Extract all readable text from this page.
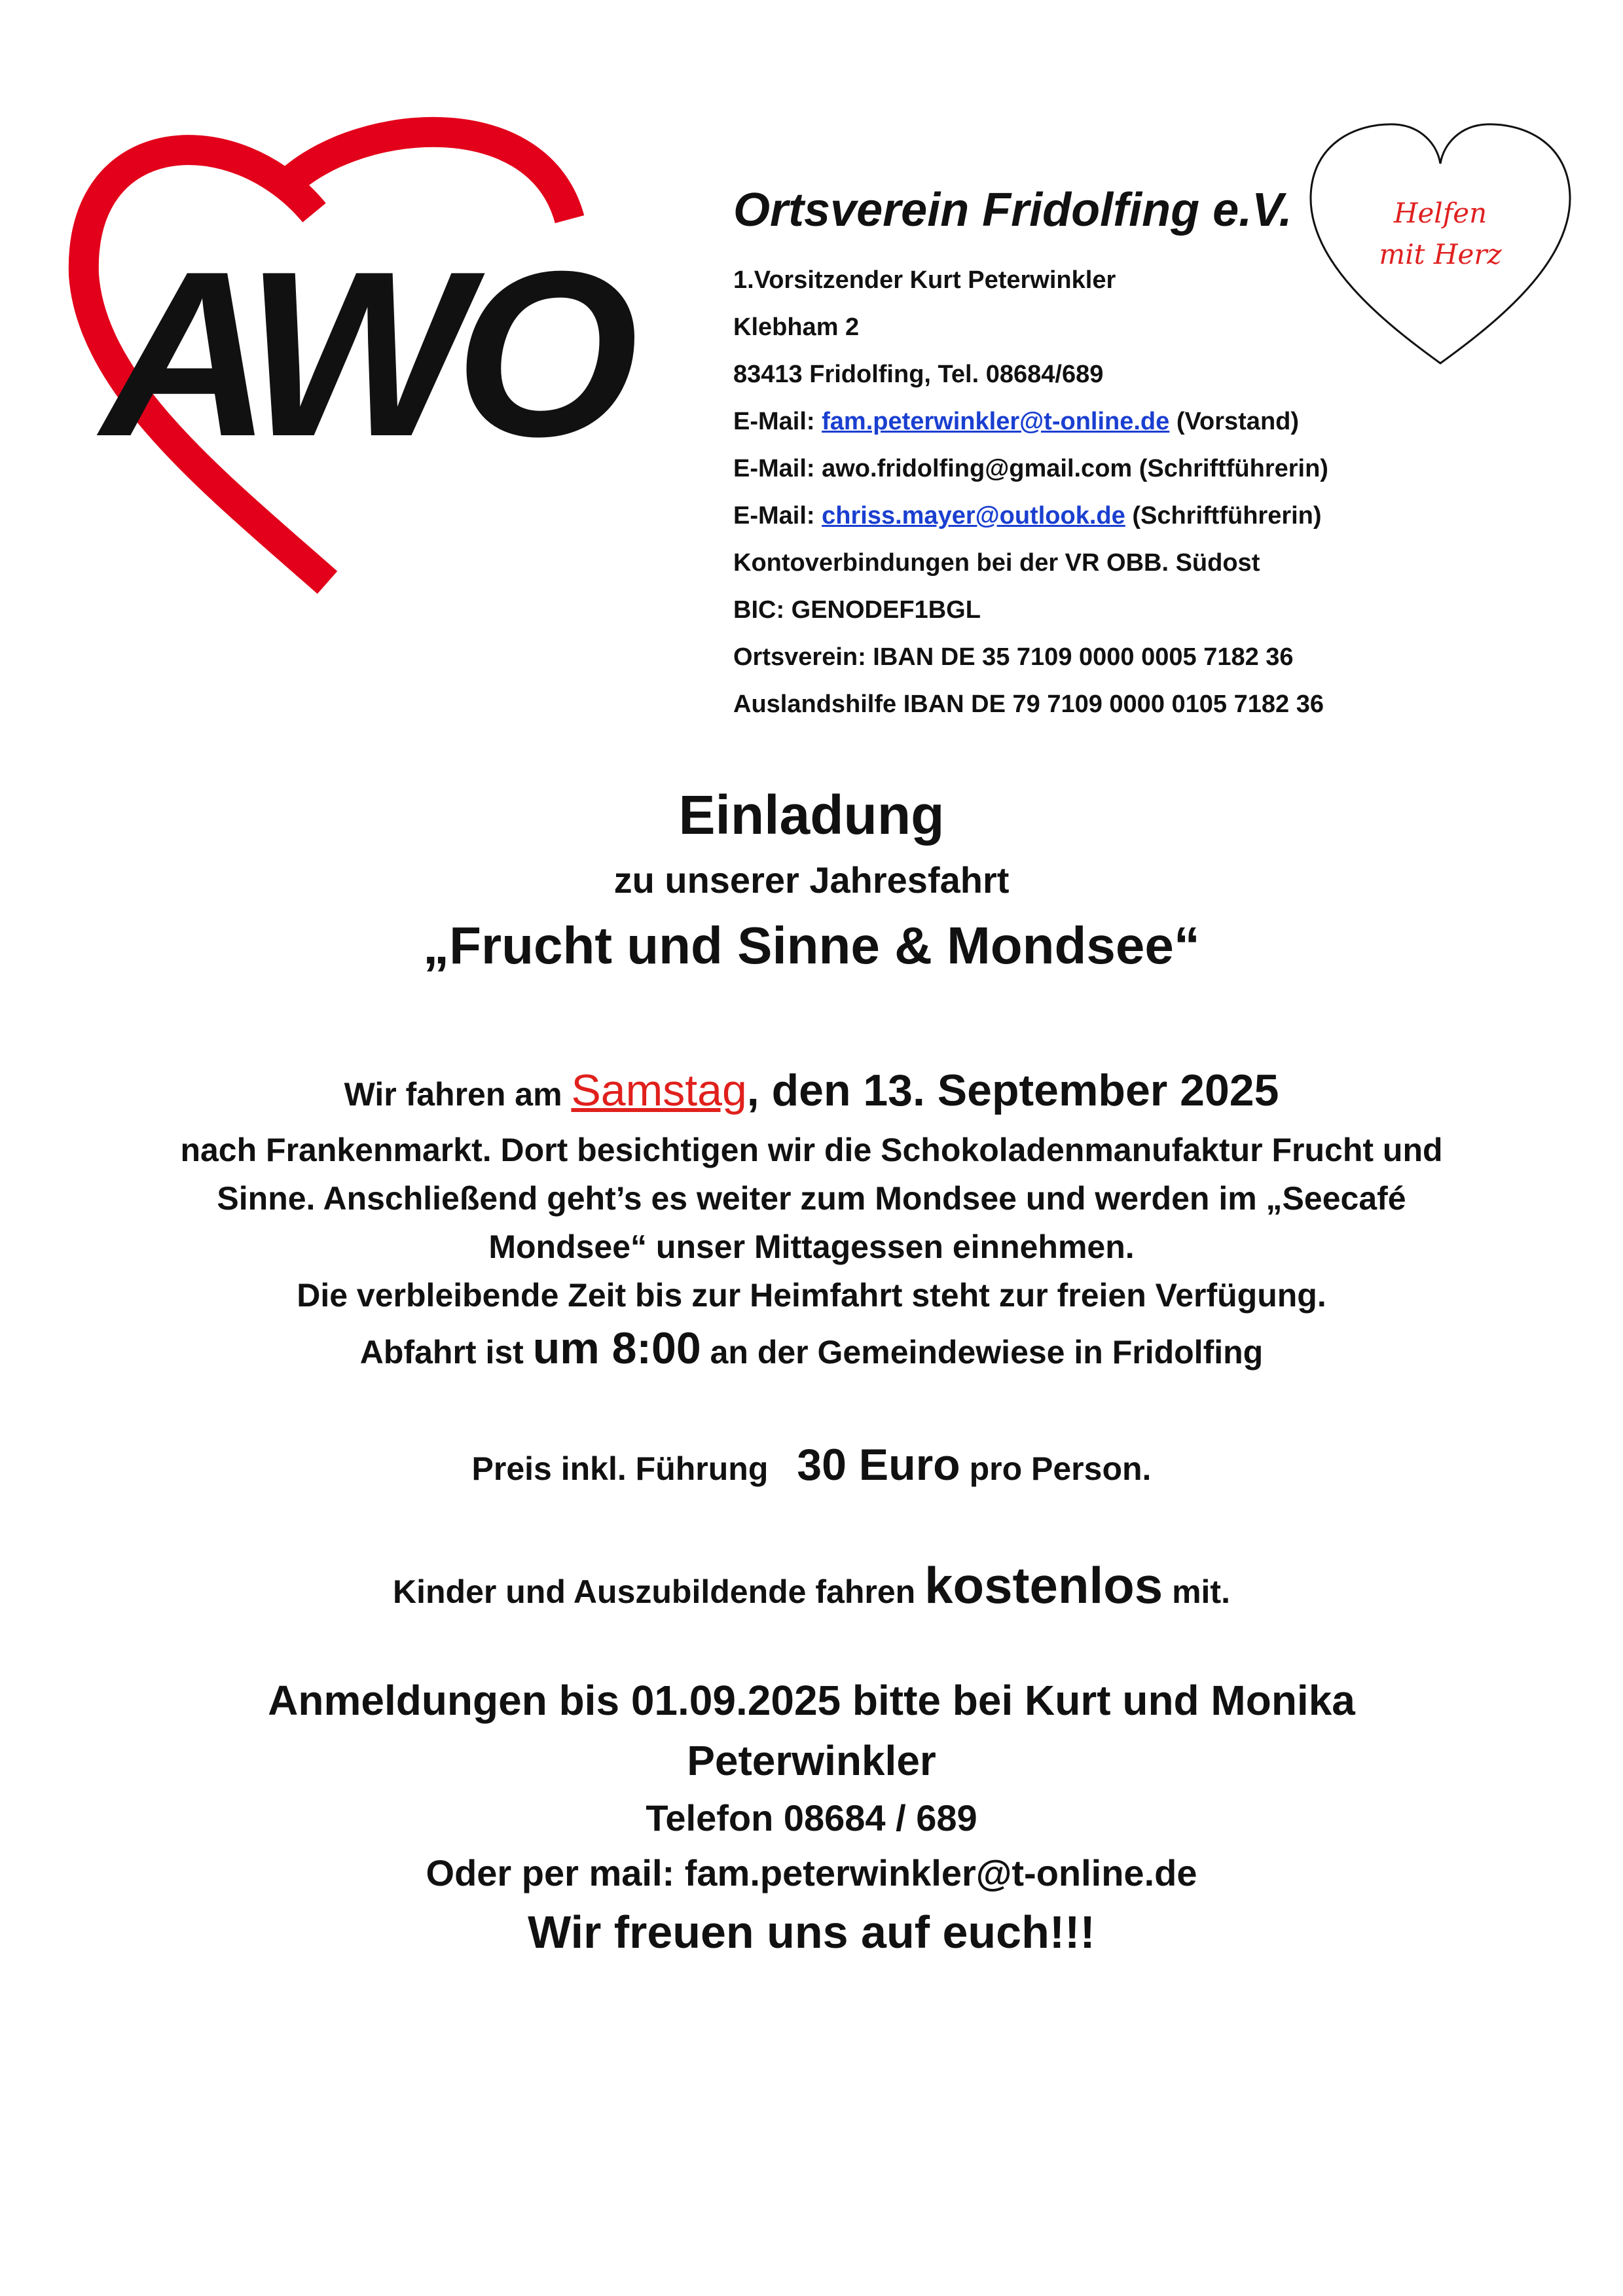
AWO
Helfen
mit Herz
Ortsverein Fridolfing e.V.
1.Vorsitzender Kurt Peterwinkler
Klebham 2
83413 Fridolfing, Tel. 08684/689
E-Mail: fam.peterwinkler@t-online.de (Vorstand)
E-Mail: awo.fridolfing@gmail.com (Schriftführerin)
E-Mail: chriss.mayer@outlook.de (Schriftführerin)
Kontoverbindungen bei der VR OBB. Südost
BIC: GENODEF1BGL
Ortsverein: IBAN DE 35 7109 0000 0005 7182 36
Auslandshilfe IBAN DE 79 7109 0000 0105 7182 36
Einladung
zu unserer Jahresfahrt
„Frucht und Sinne & Mondsee“
Wir fahren am Samstag, den 13. September 2025
nach Frankenmarkt. Dort besichtigen wir die Schokoladenmanufaktur Frucht und
Sinne. Anschließend geht’s es weiter zum Mondsee und werden im „Seecafé
Mondsee“ unser Mittagessen einnehmen.
Die verbleibende Zeit bis zur Heimfahrt steht zur freien Verfügung.
Abfahrt ist um 8:00 an der Gemeindewiese in Fridolfing
Preis inkl. Führung 30 Euro pro Person.
Kinder und Auszubildende fahren kostenlos mit.
Anmeldungen bis 01.09.2025 bitte bei Kurt und Monika
Peterwinkler
Telefon 08684 / 689
Oder per mail: fam.peterwinkler@t-online.de
Wir freuen uns auf euch!!!
